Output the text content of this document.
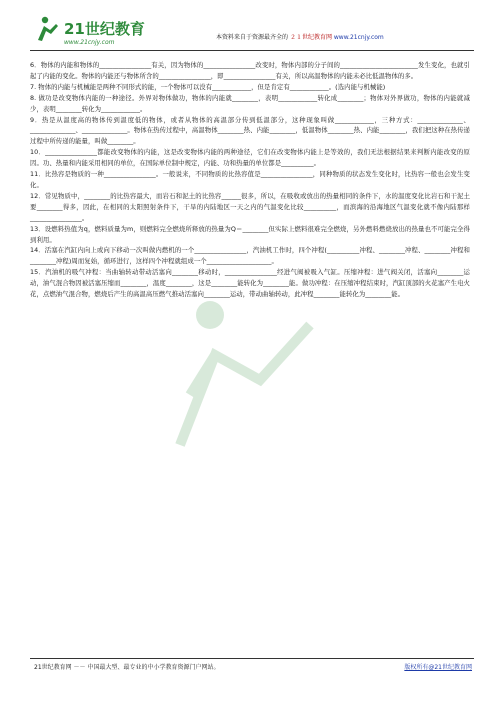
21世纪教育
www.21cnjy.com
本资料来自于资源最齐全的 ２１世纪教育网 www.21cnjy.com

6．物体的内能和物体的________________有关，因为物体的________________改变时，物体内部的分子间的________________________发生变化，也就引起了内能的变化。物体的内能还与物体所含的________________，即________________有关，所以高温物体的内能未必比低温物体的多。

7. 物体的内能与机械能是两种不同形式的能，一个物体可以没有____________，但是肯定有____________。(选内能与机械能)

8. 做功是改变物体内能的一种途径。外界对物体做功，物体的内能就________，表明____________转化成________；物体对外界做功，物体的内能就减少，表明________转化为____________。

9．热是从温度高的物体传到温度低的物体，或者从物体的高温部分传到低温部分，这种现象叫做____________，三种方式：______________、______________、______________。物体在热传过程中，高温物体________热、内能________，低温物体________热、内能________，我们把这种在热传递过程中所传递的能量，叫做________。

10．________________都能改变物体的内能，这是改变物体内能的两种途径，它们在改变物体内能上是等效的，我们无法根据结果来判断内能改变的原因。功、热量和内能采用相同的单位，在国际单位制中规定，内能、功和热量的单位都是__________。

11．比热容是物质的一种________________。一般说来，不同物质的比热容值是________________，同种物质的状态发生变化时，比热容一般也会发生变化。

12．常见物质中，________的比热容最大，而岩石和泥土的比热容______很多，所以，在吸收或放出的热量相同的条件下，水的温度变化比岩石和干泥土要________得多，因此，在相同的太阳照射条件下，干旱的内陆地区一天之内的气温变化比较__________，而滨海的沿海地区气温变化就不像内陆那样________________。

13．设燃料热值为q，燃料质量为m，则燃料完全燃烧所释放的热量为Q＝________但实际上燃料很难完全燃烧，另外燃料燃烧放出的热量也不可能完全得到利用。

14．活塞在汽缸内向上或向下移动一次叫做内燃机的一个________________，汽油机工作时，四个冲程(__________冲程、________冲程、________冲程和________冲程)周而复始，循环进行，这样四个冲程就组成一个____________________。

15．汽油机的吸气冲程：当曲轴转动带动活塞向________移动时，________________经进气阀被吸入气缸。压缩冲程：进气阀关闭，活塞向________运动，油气混合物因被活塞压缩而________，温度________，这是________能转化为________能。做功冲程：在压缩冲程结束时，汽缸顶部的火花塞产生电火花，点燃油气混合物，燃烧后产生的高温高压燃气推动活塞向________运动，带动曲轴转动，此冲程________能转化为________能。

21世纪教育网 －－ 中国最大型、最专业的中小学教育资源门户网站。	版权所有@21世纪教育网
